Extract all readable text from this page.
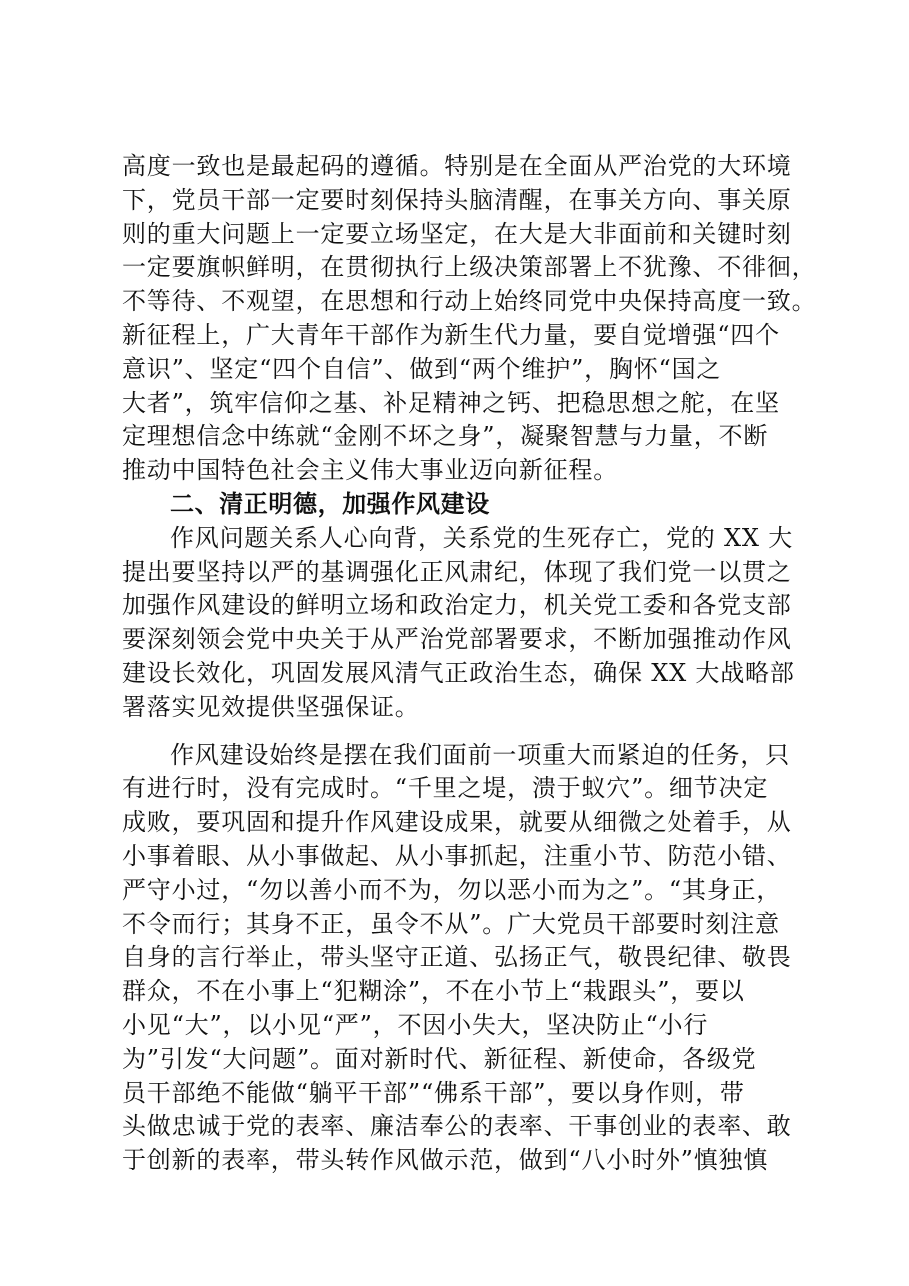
高度一致也是最起码的遵循。特别是在全面从严治党的大环境
下，党员干部一定要时刻保持头脑清醒，在事关方向、事关原
则的重大问题上一定要立场坚定，在大是大非面前和关键时刻
一定要旗帜鲜明，在贯彻执行上级决策部署上不犹豫、不徘徊，
不等待、不观望，在思想和行动上始终同党中央保持高度一致。
新征程上，广大青年干部作为新生代力量，要自觉增强“四个
意识”、坚定“四个自信”、做到“两个维护”，胸怀“国之
大者”，筑牢信仰之基、补足精神之钙、把稳思想之舵，在坚
定理想信念中练就“金刚不坏之身”，凝聚智慧与力量，不断
推动中国特色社会主义伟大事业迈向新征程。
二、清正明德，加强作风建设
作风问题关系人心向背，关系党的生死存亡，党的 XX 大
提出要坚持以严的基调强化正风肃纪，体现了我们党一以贯之
加强作风建设的鲜明立场和政治定力，机关党工委和各党支部
要深刻领会党中央关于从严治党部署要求，不断加强推动作风
建设长效化，巩固发展风清气正政治生态，确保 XX 大战略部
署落实见效提供坚强保证。
作风建设始终是摆在我们面前一项重大而紧迫的任务，只
有进行时，没有完成时。“千里之堤，溃于蚁穴”。细节决定
成败，要巩固和提升作风建设成果，就要从细微之处着手，从
小事着眼、从小事做起、从小事抓起，注重小节、防范小错、
严守小过，“勿以善小而不为，勿以恶小而为之”。“其身正，
不令而行；其身不正，虽令不从”。广大党员干部要时刻注意
自身的言行举止，带头坚守正道、弘扬正气，敬畏纪律、敬畏
群众，不在小事上“犯糊涂”，不在小节上“栽跟头”，要以
小见“大”，以小见“严”，不因小失大，坚决防止“小行
为”引发“大问题”。面对新时代、新征程、新使命，各级党
员干部绝不能做“躺平干部”“佛系干部”，要以身作则，带
头做忠诚于党的表率、廉洁奉公的表率、干事创业的表率、敢
于创新的表率，带头转作风做示范，做到“八小时外”慎独慎
